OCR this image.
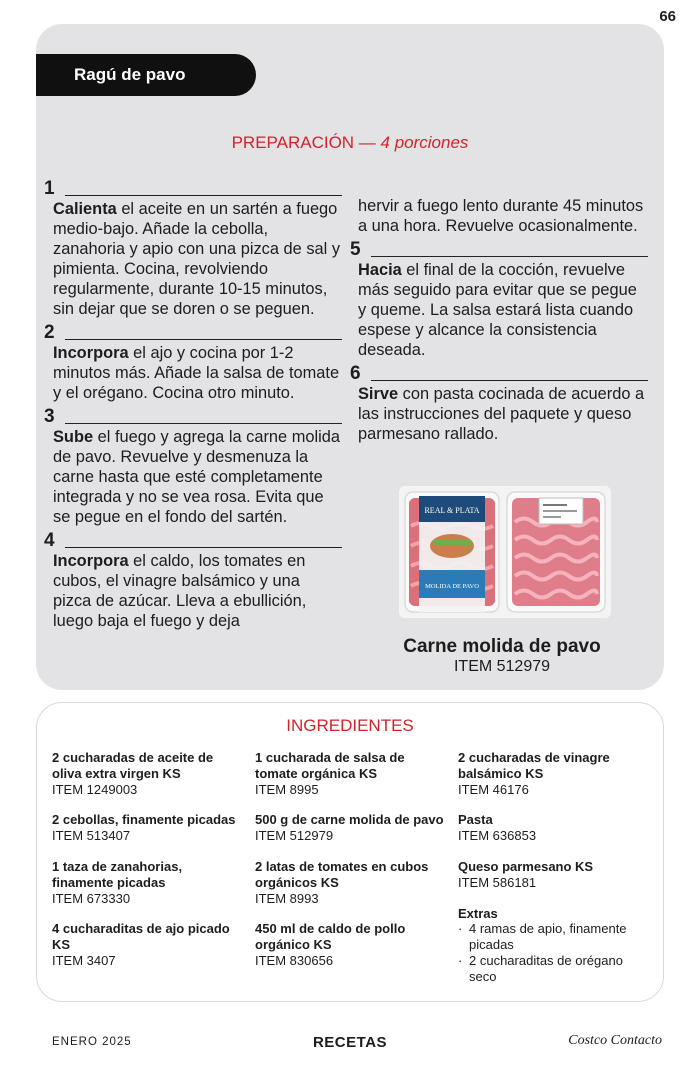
66
Ragú de pavo
PREPARACIÓN — 4 porciones
1
Calienta el aceite en un sartén a fuego medio-bajo. Añade la cebolla, zanahoria y apio con una pizca de sal y pimienta. Cocina, revolviendo regularmente, durante 10-15 minutos, sin dejar que se doren o se peguen.
2
Incorpora el ajo y cocina por 1-2 minutos más. Añade la salsa de tomate y el orégano. Cocina otro minuto.
3
Sube el fuego y agrega la carne molida de pavo. Revuelve y desmenuza la carne hasta que esté completamente integrada y no se vea rosa. Evita que se pegue en el fondo del sartén.
4
Incorpora el caldo, los tomates en cubos, el vinagre balsámico y una pizca de azúcar. Lleva a ebullición, luego baja el fuego y deja
hervir a fuego lento durante 45 minutos a una hora. Revuelve ocasionalmente.
5
Hacia el final de la cocción, revuelve más seguido para evitar que se pegue y queme. La salsa estará lista cuando espese y alcance la consistencia deseada.
6
Sirve con pasta cocinada de acuerdo a las instrucciones del paquete y queso parmesano rallado.
REAL & PLATA
MOLIDA DE PAVO
Carne molida de pavo
ITEM 512979
INGREDIENTES
2 cucharadas de aceite de oliva extra virgen KS
ITEM 1249003
2 cebollas, finamente picadas
ITEM 513407
1 taza de zanahorias, finamente picadas
ITEM 673330
4 cucharaditas de ajo picado KS
ITEM 3407
1 cucharada de salsa de tomate orgánica KS
ITEM 8995
500 g de carne molida de pavo
ITEM 512979
2 latas de tomates en cubos orgánicos KS
ITEM 8993
450 ml de caldo de pollo orgánico KS
ITEM 830656
2 cucharadas de vinagre balsámico KS
ITEM 46176
Pasta
ITEM 636853
Queso parmesano KS
ITEM 586181
Extras
· 4 ramas de apio, finamente picadas
· 2 cucharaditas de orégano seco
ENERO 2025	RECETAS	Costco Contacto
